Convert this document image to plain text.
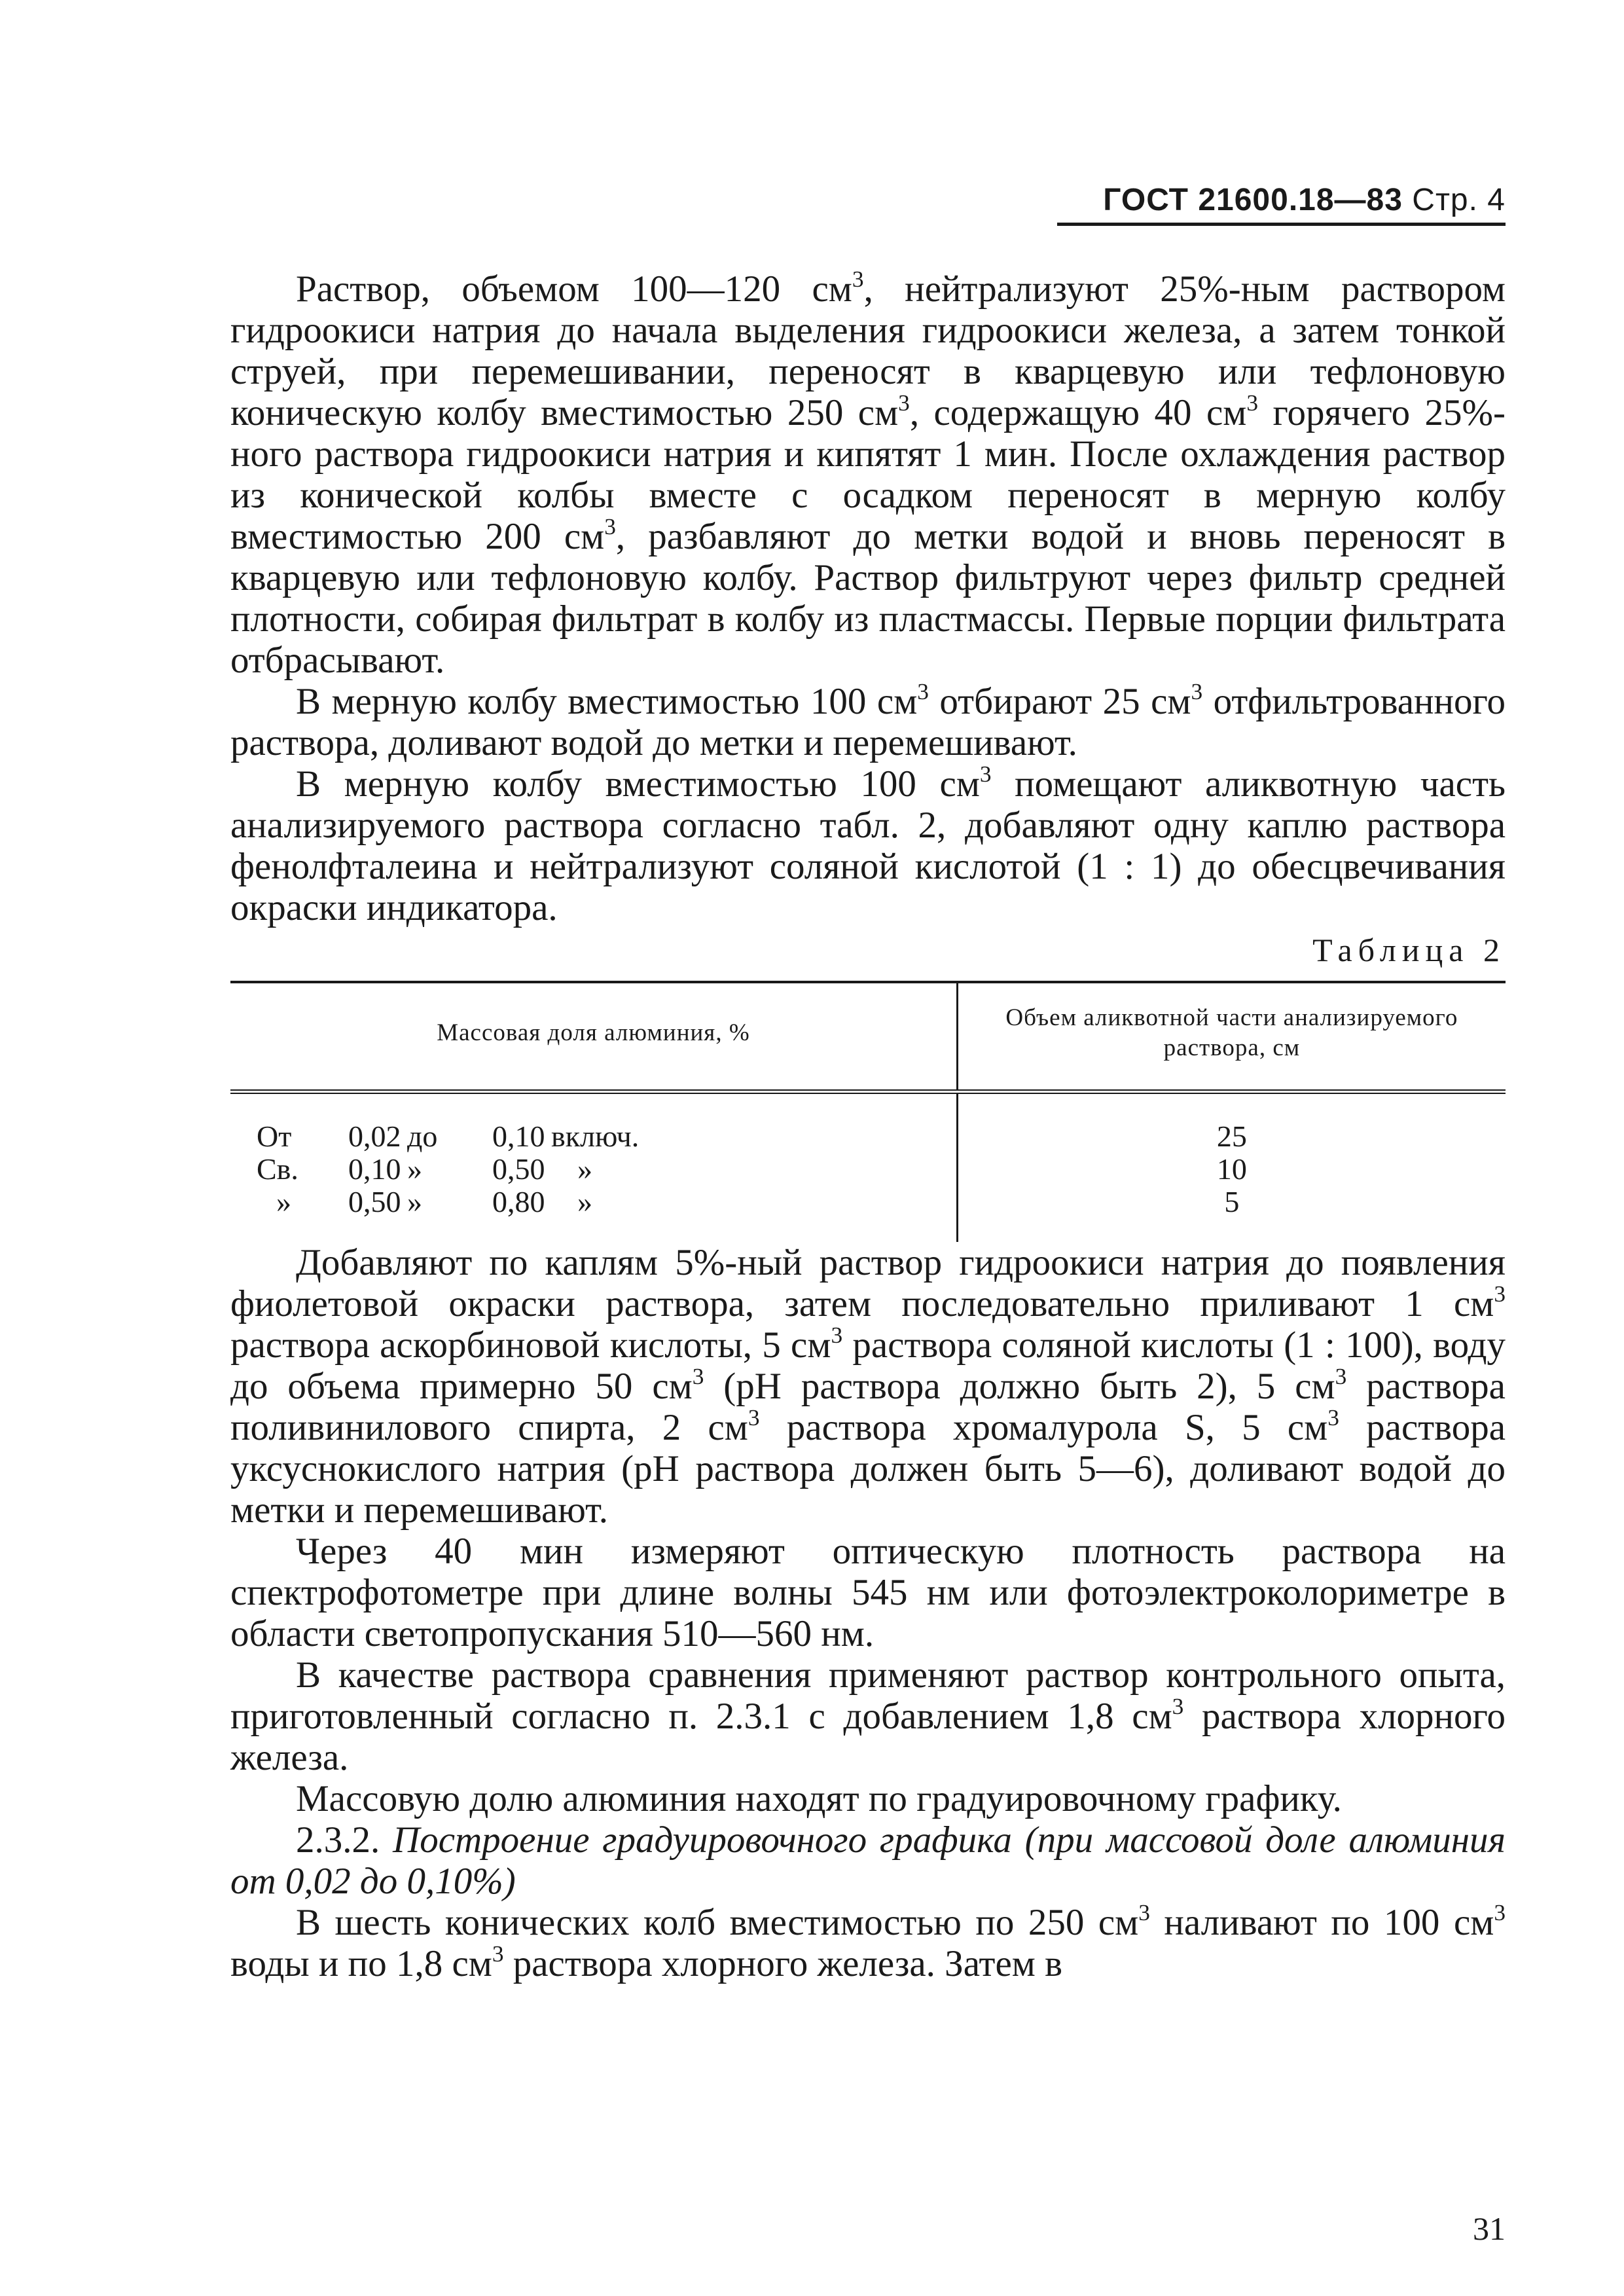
ГОСТ 21600.18—83 Стр. 4

Раствор, объемом 100—120 $см^3$, нейтрализуют 25%-ным раствором гидроокиси натрия до начала выделения гидроокиси железа, а затем тонкой струей, при перемешивании, переносят в кварцевую или тефлоновую коническую колбу вместимостью 250 $см^3$, содержащую 40 $см^3$ горячего 25%-ного раствора гидроокиси натрия и кипятят 1 мин. После охлаждения раствор из конической колбы вместе с осадком переносят в мерную колбу вместимостью 200 $см^3$, разбавляют до метки водой и вновь переносят в кварцевую или тефлоновую колбу. Раствор фильтруют через фильтр средней плотности, собирая фильтрат в колбу из пластмассы. Первые порции фильтрата отбрасывают.

В мерную колбу вместимостью 100 $см^3$ отбирают 25 $см^3$ отфильтрованного раствора, доливают водой до метки и перемешивают.

В мерную колбу вместимостью 100 $см^3$ помещают аликвотную часть анализируемого раствора согласно табл. 2, добавляют одну каплю раствора фенолфталеина и нейтрализуют соляной кислотой (1 : 1) до обесцвечивания окраски индикатора.

Таблица 2
Массовая доля алюминия, %	Объем аликвотной части анализируемого раствора, см

От 0,02 до 0,10 включ.	25

Св. 0,10 » 0,50 »	10

» 0,50 » 0,80 »	5

Добавляют по каплям 5%-ный раствор гидроокиси натрия до появления фиолетовой окраски раствора, затем последовательно приливают 1 $см^3$ раствора аскорбиновой кислоты, 5 $см^3$ раствора соляной кислоты (1 : 100), воду до объема примерно 50 $см^3$ (pH раствора должно быть 2), 5 $см^3$ раствора поливинилового спирта, 2 $см^3$ раствора хромалурола S, 5 $см^3$ раствора уксуснокислого натрия (pH раствора должен быть 5—6), доливают водой до метки и перемешивают.

Через 40 мин измеряют оптическую плотность раствора на спектрофотометре при длине волны 545 нм или фотоэлектроколориметре в области светопропускания 510—560 нм.

В качестве раствора сравнения применяют раствор контрольного опыта, приготовленный согласно п. 2.3.1 с добавлением 1,8 $см^3$ раствора хлорного железа.

Массовую долю алюминия находят по градуировочному графику.

2.3.2. Построение градуировочного графика (при массовой доле алюминия от 0,02 до 0,10%)

В шесть конических колб вместимостью по 250 $см^3$ наливают по 100 $см^3$ воды и по 1,8 $см^3$ раствора хлорного железа. Затем в

31
